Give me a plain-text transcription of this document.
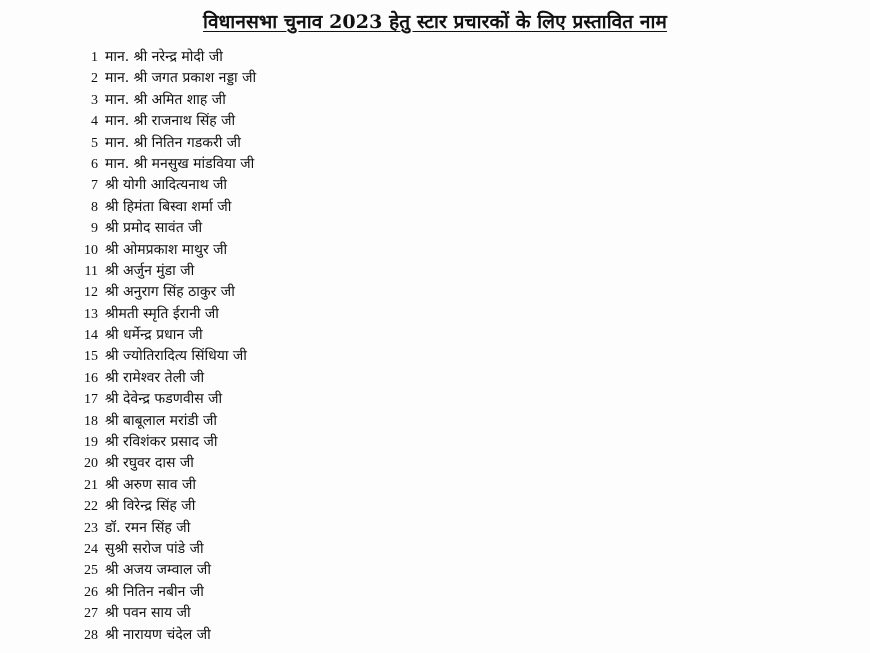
विधानसभा चुनाव 2023 हेतु स्टार प्रचारकों के लिए प्रस्तावित नाम
1 मान. श्री नरेन्द्र मोदी जी
2 मान. श्री जगत प्रकाश नड्डा जी
3 मान. श्री अमित शाह जी
4 मान. श्री राजनाथ सिंह जी
5 मान. श्री नितिन गडकरी जी
6 मान. श्री मनसुख मांडविया जी
7 श्री योगी आदित्यनाथ जी
8 श्री हिमंता बिस्वा शर्मा जी
9 श्री प्रमोद सावंत जी
10 श्री ओमप्रकाश माथुर जी
11 श्री अर्जुन मुंडा जी
12 श्री अनुराग सिंह ठाकुर जी
13 श्रीमती स्मृति ईरानी जी
14 श्री धर्मेन्द्र प्रधान जी
15 श्री ज्योतिरादित्य सिंधिया जी
16 श्री रामेश्वर तेली जी
17 श्री देवेन्द्र फडणवीस जी
18 श्री बाबूलाल मरांडी जी
19 श्री रविशंकर प्रसाद जी
20 श्री रघुवर दास जी
21 श्री अरुण साव जी
22 श्री विरेन्द्र सिंह जी
23 डॉ. रमन सिंह जी
24 सुश्री सरोज पांडे जी
25 श्री अजय जम्वाल जी
26 श्री नितिन नबीन जी
27 श्री पवन साय जी
28 श्री नारायण चंदेल जी
